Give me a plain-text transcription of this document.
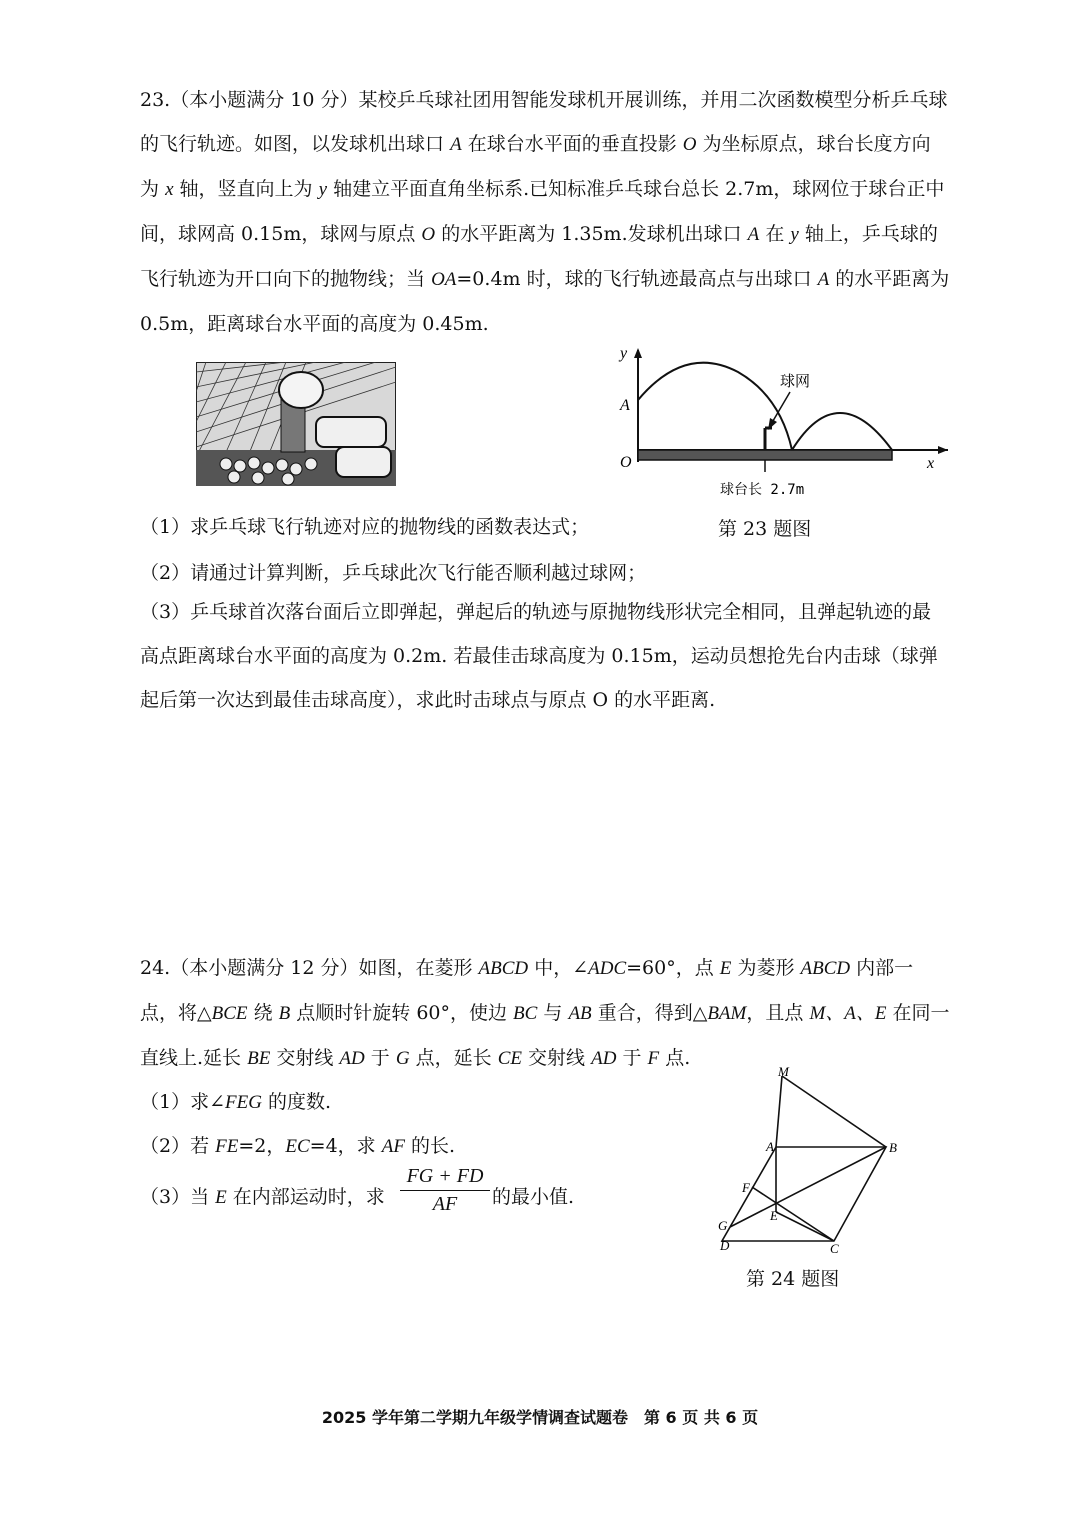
23.（本小题满分 10 分）某校乒乓球社团用智能发球机开展训练，并用二次函数模型分析乒乓球的飞行轨迹。如图，以发球机出球口 A 在球台水平面的垂直投影 O 为坐标原点，球台长度方向为 x 轴，竖直向上为 y 轴建立平面直角坐标系.已知标准乒乓球台总长 2.7m，球网位于球台正中间，球网高 0.15m，球网与原点 O 的水平距离为 1.35m.发球机出球口 A 在 y 轴上，乒乓球的飞行轨迹为开口向下的抛物线；当 OA=0.4m 时，球的飞行轨迹最高点与出球口 A 的水平距离为 0.5m，距离球台水平面的高度为 0.45m.

y
x
O
A
球网
球台长 2.7m

（1）求乒乓球飞行轨迹对应的抛物线的函数表达式；	第 23 题图

（2）请通过计算判断，乒乓球此次飞行能否顺利越过球网；

（3）乒乓球首次落台面后立即弹起，弹起后的轨迹与原抛物线形状完全相同，且弹起轨迹的最高点距离球台水平面的高度为 0.2m. 若最佳击球高度为 0.15m，运动员想抢先台内击球（球弹起后第一次达到最佳击球高度），求此时击球点与原点 O 的水平距离.

24.（本小题满分 12 分）如图，在菱形 ABCD 中，∠ADC=60°，点 E 为菱形 ABCD 内部一点，将△BCE 绕 B 点顺时针旋转 60°，使边 BC 与 AB 重合，得到△BAM，且点 M、A、E 在同一直线上.延长 BE 交射线 AD 于 G 点，延长 CE 交射线 AD 于 F 点.

（1）求∠FEG 的度数.

（2）若 FE=2，EC=4，求 AF 的长.

（3）当 E 在内部运动时，求 $\frac{FG + FD}{AF}$ 的最小值.

M
A	B
F
E
G
D	C
第 24 题图
2025 学年第二学期九年级学情调查试题卷　第 6 页 共 6 页
